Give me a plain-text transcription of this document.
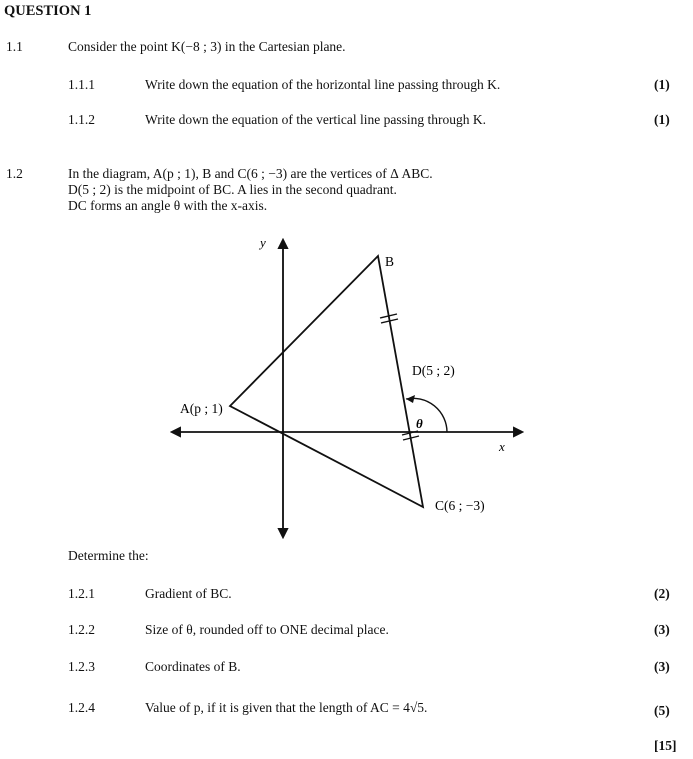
QUESTION 1
1.1	Consider the point K(−8 ; 3) in the Cartesian plane.
1.1.1	Write down the equation of the horizontal line passing through K.	(1)
1.1.2	Write down the equation of the vertical line passing through K.	(1)
1.2	In the diagram, A(p ; 1), B and C(6 ; −3) are the vertices of Δ ABC.
D(5 ; 2) is the midpoint of BC. A lies in the second quadrant.
DC forms an angle θ with the x-axis.
y
x
B
A(p ; 1)
C(6 ; −3)
D(5 ; 2)
θ
Determine the:
1.2.1	Gradient of BC.	(2)
1.2.2	Size of θ, rounded off to ONE decimal place.	(3)
1.2.3	Coordinates of B.	(3)
1.2.4	Value of p, if it is given that the length of AC = 4√5.	(5)
[15]
